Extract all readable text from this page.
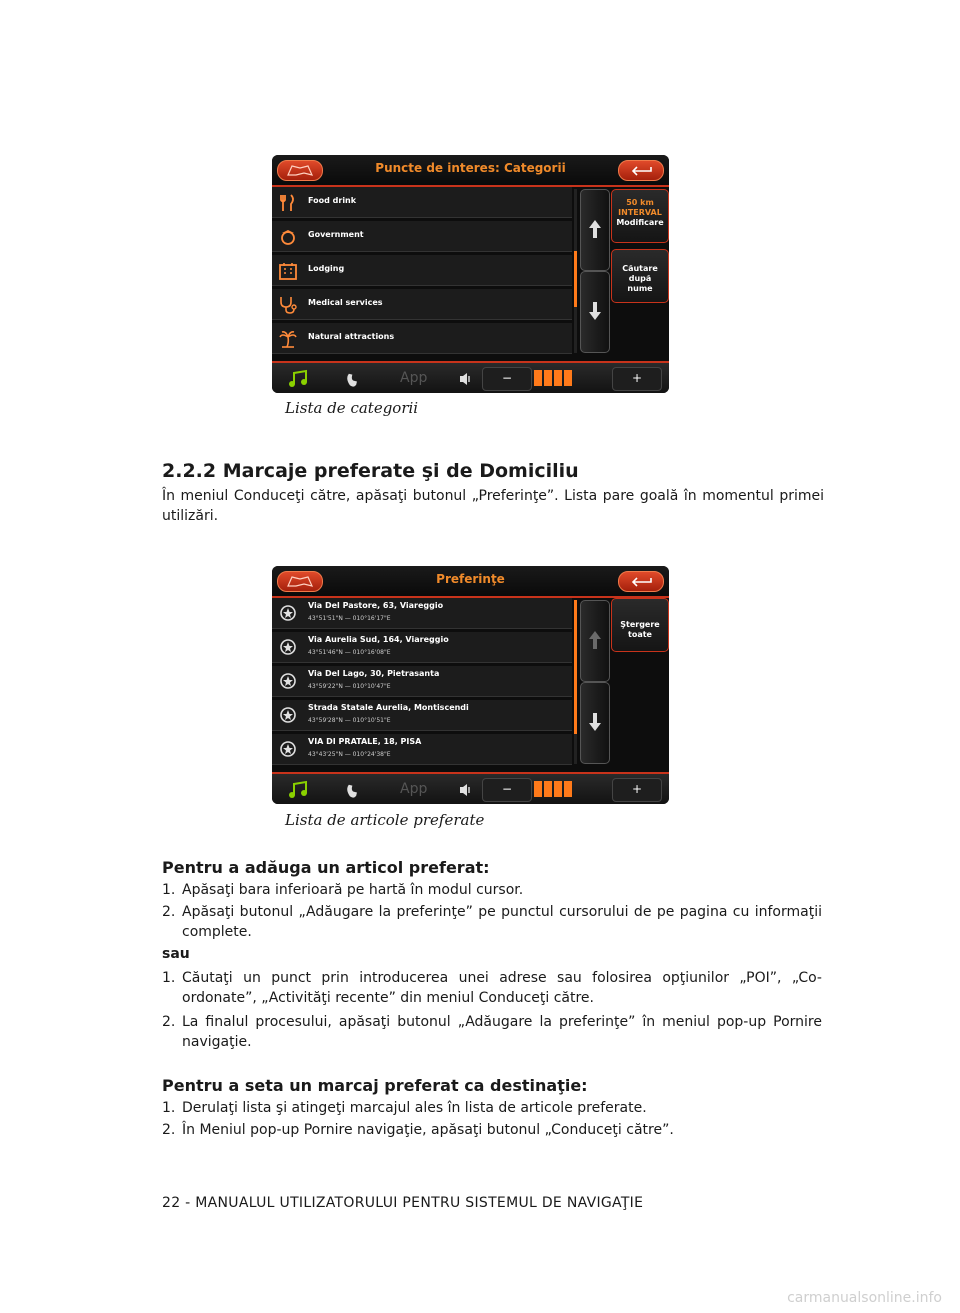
Puncte de interes: Categorii
Food drink
Government
Lodging
Medical services
Natural attractions
50 km
INTERVAL
Modificare
Căutare după
nume
App	−	+
Lista de categorii
2.2.2 Marcaje preferate şi de Domiciliu
În meniul Conduceţi către, apăsaţi butonul „Preferinţe”. Lista pare goală în momentul primei utilizări.
Preferinţe
Via Del Pastore, 63, Viareggio
43°51'51"N — 010°16'17"E
Via Aurelia Sud, 164, Viareggio
43°51'46"N — 010°16'08"E
Via Del Lago, 30, Pietrasanta
43°59'22"N — 010°10'47"E
Strada Statale Aurelia, Montiscendi
43°59'28"N — 010°10'51"E
VIA DI PRATALE, 18, PISA
43°43'25"N — 010°24'38"E
Ştergere toate
App	−	+
Lista de articole preferate
Pentru a adăuga un articol preferat:
1. Apăsaţi bara inferioară pe hartă în modul cursor.
2. Apăsaţi butonul „Adăugare la preferinţe” pe punctul cursorului de pe pagina cu informaţii complete.
sau
1. Căutaţi un punct prin introducerea unei adrese sau folosirea opţiunilor „POI”, „Co-ordonate”, „Activităţi recente” din meniul Conduceţi către.
2. La finalul procesului, apăsaţi butonul „Adăugare la preferinţe” în meniul pop-up Pornire navigaţie.
Pentru a seta un marcaj preferat ca destinaţie:
1. Derulaţi lista şi atingeţi marcajul ales în lista de articole preferate.
2. În Meniul pop-up Pornire navigaţie, apăsaţi butonul „Conduceţi către”.
22 - MANUALUL UTILIZATORULUI PENTRU SISTEMUL DE NAVIGAŢIE
carmanualsonline.info
